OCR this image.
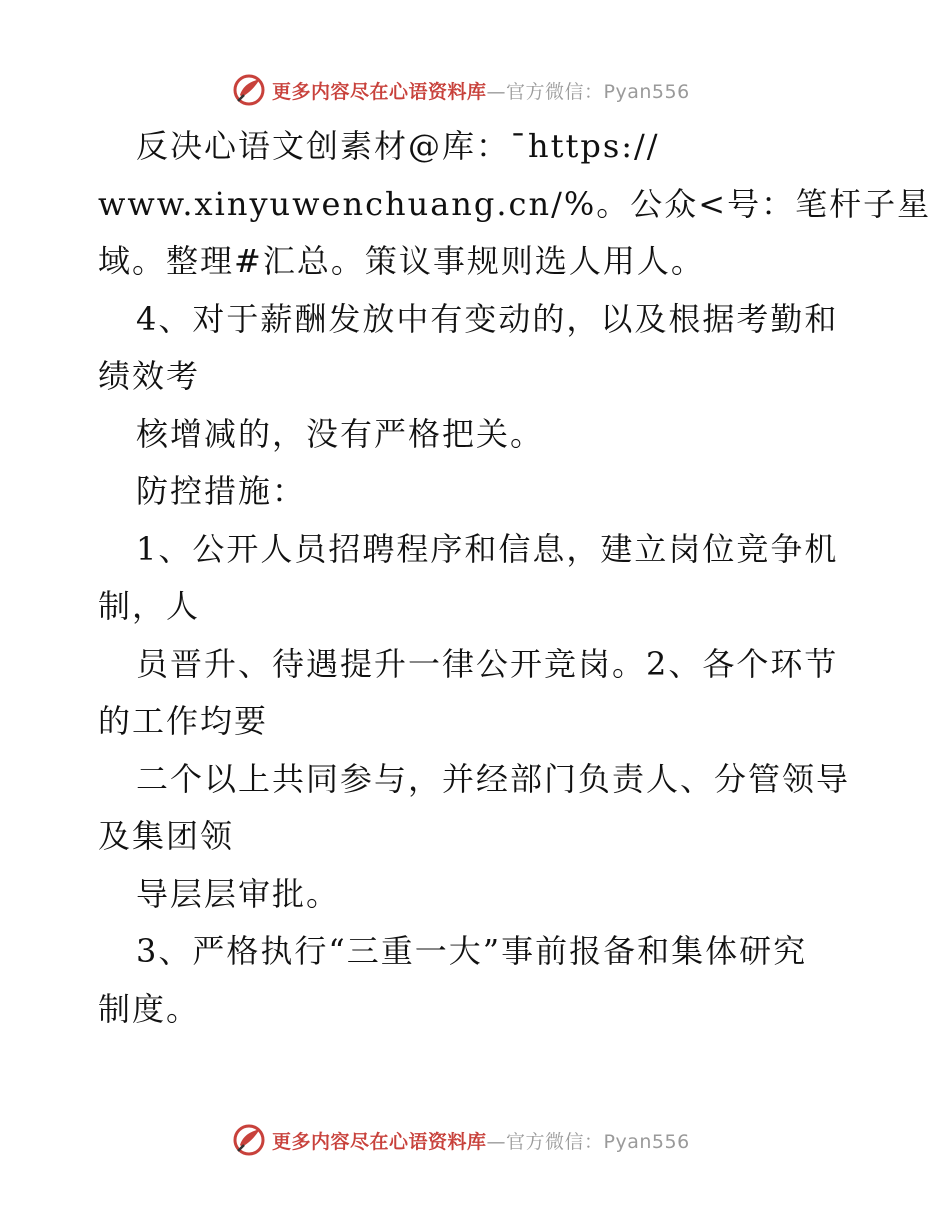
更多内容尽在心语资料库—官方微信：Pyan556
反决心语文创素材@库：¯https://
www.xinyuwenchuang.cn/%。公众<号：笔杆子星
域。整理#汇总。策议事规则选人用人。
4、对于薪酬发放中有变动的，以及根据考勤和
绩效考
核增减的，没有严格把关。
防控措施：
1、公开人员招聘程序和信息，建立岗位竞争机
制，人
员晋升、待遇提升一律公开竞岗。2、各个环节
的工作均要
二个以上共同参与，并经部门负责人、分管领导
及集团领
导层层审批。
3、严格执行“三重一大”事前报备和集体研究
制度。
更多内容尽在心语资料库—官方微信：Pyan556
